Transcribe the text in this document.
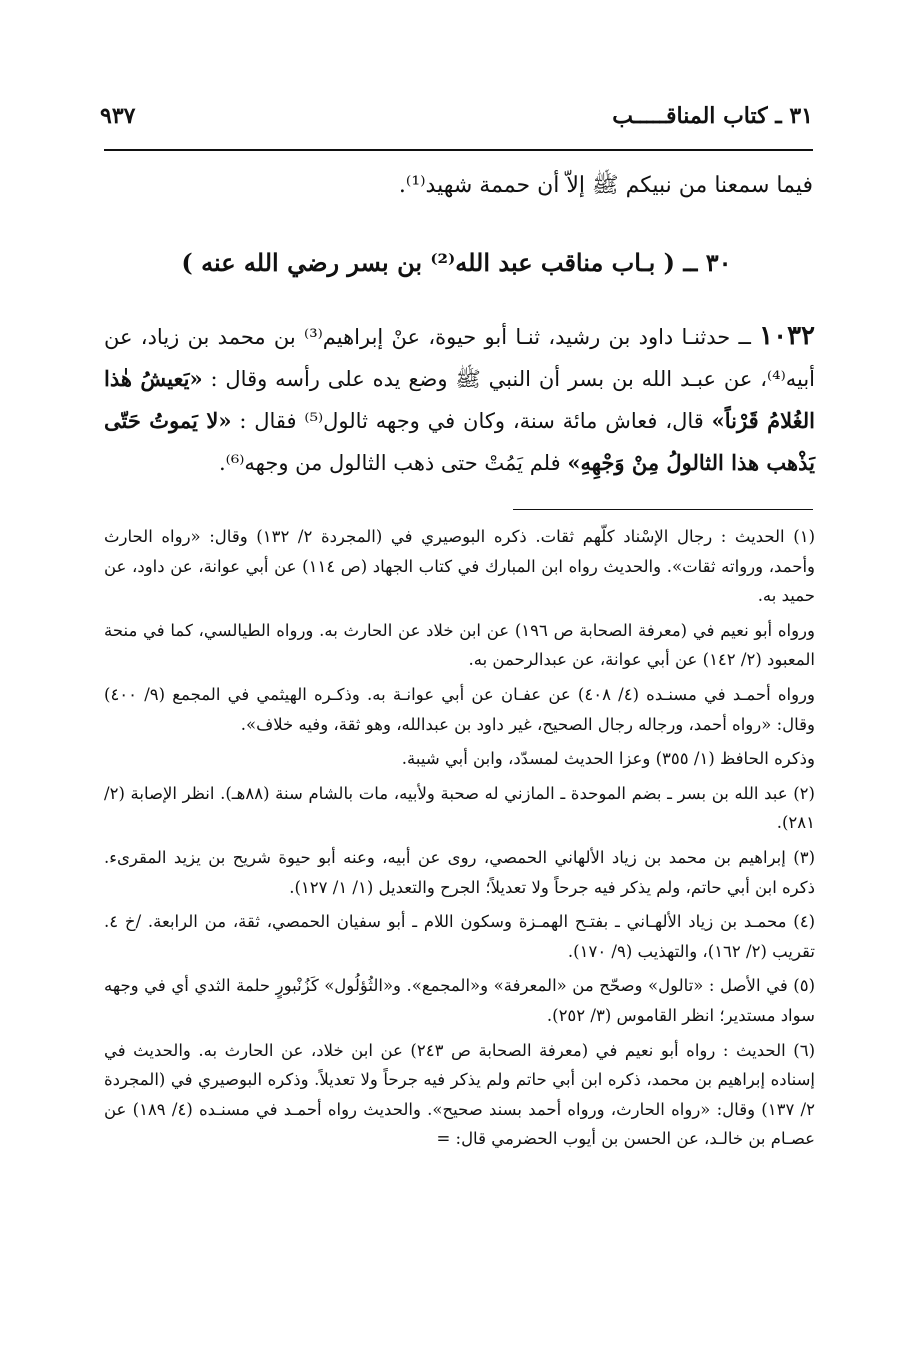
٣١ ـ كتاب المناقـــــب
٩٣٧
فيما سمعنا من نبيكم ﷺ إلاّ أن حممة شهيد⁽¹⁾.
٣٠ ــ ( بـاب مناقب عبد الله⁽²⁾ بن بسر رضي الله عنه )
١٠٣٢ ــ حدثنـا داود بن رشيد، ثنـا أبو حيوة، عنْ إبراهيم⁽³⁾ بن محمد بن زياد، عن أبيه⁽⁴⁾، عن عبـد الله بن بسر أن النبي ﷺ وضع يده على رأسه وقال : «يَعيشُ هٰذا الغُلامُ قَرْناً» قال، فعاش مائة سنة، وكان في وجهه ثالول⁽⁵⁾ فقال : «لا يَموتُ حَتّى يَذْهب هذا الثالولُ مِنْ وَجْهِهِ» فلم يَمُتْ حتى ذهب الثالول من وجهه⁽⁶⁾.

(١) الحديث : رجال الإسْناد كلّهم ثقات. ذكره البوصيري في (المجردة ٢/ ١٣٢) وقال: «رواه الحارث وأحمد، ورواته ثقات». والحديث رواه ابن المبارك في كتاب الجهاد (ص ١١٤) عن أبي عوانة، عن داود، عن حميد به.

ورواه أبو نعيم في (معرفة الصحابة ص ١٩٦) عن ابن خلاد عن الحارث به. ورواه الطيالسي، كما في منحة المعبود (٢/ ١٤٢) عن أبي عوانة، عن عبدالرحمن به.

ورواه أحمـد في مسنـده (٤/ ٤٠٨) عن عفـان عن أبي عوانـة به. وذكـره الهيثمي في المجمع (٩/ ٤٠٠) وقال: «رواه أحمد، ورجاله رجال الصحيح، غير داود بن عبدالله، وهو ثقة، وفيه خلاف».

وذكره الحافظ (١/ ٣٥٥) وعزا الحديث لمسدّد، وابن أبي شيبة.

(٢) عبد الله بن بسر ـ بضم الموحدة ـ المازني له صحبة ولأبيه، مات بالشام سنة (٨٨هـ). انظر الإصابة (٢/ ٢٨١).

(٣) إبراهيم بن محمد بن زياد الألهاني الحمصي، روى عن أبيه، وعنه أبو حيوة شريح بن يزيد المقرىء. ذكره ابن أبي حاتم، ولم يذكر فيه جرحاً ولا تعديلاً؛ الجرح والتعديل (١/ ١/ ١٢٧).

(٤) محمـد بن زياد الألهـاني ـ بفتـح الهمـزة وسكون اللام ـ أبو سفيان الحمصي، ثقة، من الرابعة. /خ ٤. تقريب (٢/ ١٦٢)، والتهذيب (٩/ ١٧٠).

(٥) في الأصل : «تالول» وصحّح من «المعرفة» و«المجمع». و«الثُؤلُول» كَزُنْبورٍ حلمة الثدي أي في وجهه سواد مستدير؛ انظر القاموس (٣/ ٢٥٢).

(٦) الحديث : رواه أبو نعيم في (معرفة الصحابة ص ٢٤٣) عن ابن خلاد، عن الحارث به. والحديث في إسناده إبراهيم بن محمد، ذكره ابن أبي حاتم ولم يذكر فيه جرحاً ولا تعديلاً. وذكره البوصيري في (المجردة ٢/ ١٣٧) وقال: «رواه الحارث، ورواه أحمد بسند صحيح». والحديث رواه أحمـد في مسنـده (٤/ ١٨٩) عن عصـام بن خالـد، عن الحسن بن أيوب الحضرمي قال: =
